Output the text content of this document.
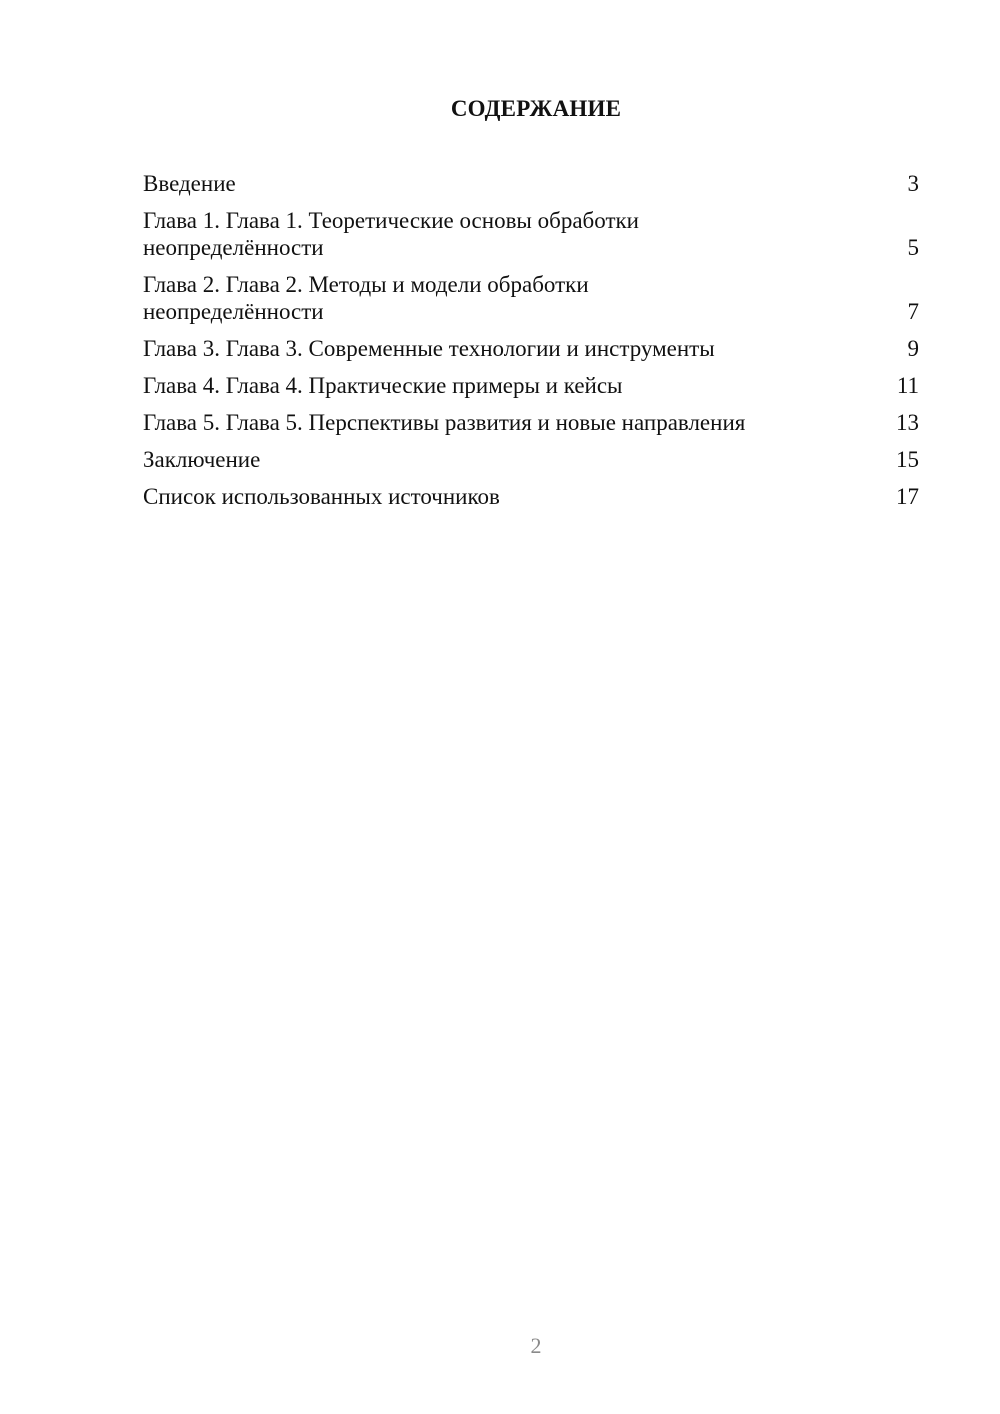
СОДЕРЖАНИЕ
Введение	3
Глава 1. Глава 1. Теоретические основы обработки неопределённости	5
Глава 2. Глава 2. Методы и модели обработки неопределённости	7
Глава 3. Глава 3. Современные технологии и инструменты	9
Глава 4. Глава 4. Практические примеры и кейсы	11
Глава 5. Глава 5. Перспективы развития и новые направления	13
Заключение	15
Список использованных источников	17
2
